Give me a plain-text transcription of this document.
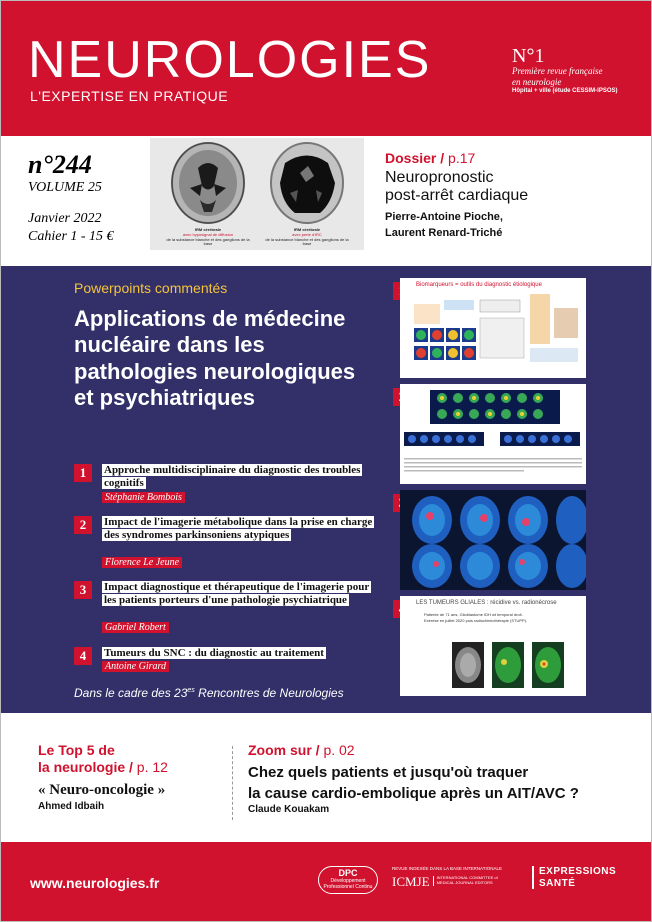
NEUROLOGIES
L'EXPERTISE EN PRATIQUE
N°1
Première revue française
en neurologie
Hôpital + ville (étude CESSIM-IPSOS)
n°244
VOLUME 25
Janvier 2022
Cahier 1 - 15 €	IRM cérébrale
avec hyposignal de diffusion
de la substance blanche et des ganglions de la base
IRM cérébrale
avec perte d'IRC
de la substance blanche et des ganglions de la base
Dossier / p.17
Neuropronostic
post-arrêt cardiaque
Pierre-Antoine Pioche,
Laurent Renard-Triché
Powerpoints commentés
Applications de médecine nucléaire dans les pathologies neurologiques et psychiatriques
1	Approche multidisciplinaire du diagnostic des troubles cognitifs
Stéphanie Bombois
2	Impact de l'imagerie métabolique dans la prise en charge des syndromes parkinsoniens atypiques
Florence Le Jeune
3	Impact diagnostique et thérapeutique de l'imagerie pour les patients porteurs d'une pathologie psychiatrique
Gabriel Robert
4	Tumeurs du SNC : du diagnostic au traitement
Antoine Girard
Dans le cadre des $23^{es}$ Rencontres de Neurologies
Biomarqueurs = outils du diagnostic étiologique
LES TUMEURS GLIALES : récidive vs. radionécrose
Patiente de 71 ans, Glioblastome IDH wt temporal droit.
Exérèse en juillet 2020 puis radiochimiothérapie (STUPP).
Le Top 5 de
la neurologie / p. 12
« Neuro-oncologie »
Ahmed Idbaih
Zoom sur / p. 02
Chez quels patients et jusqu'où traquer
la cause cardio-embolique après un AIT/AVC ?
Claude Kouakam
www.neurologies.fr
DPC
Développement Professionnel Continu
REVUE INDEXÉE DANS LA BASE INTERNATIONALE
ICMJE INTERNATIONAL COMMITTEE of MEDICAL JOURNAL EDITORS
EXPRESSIONS
SANTÉ
